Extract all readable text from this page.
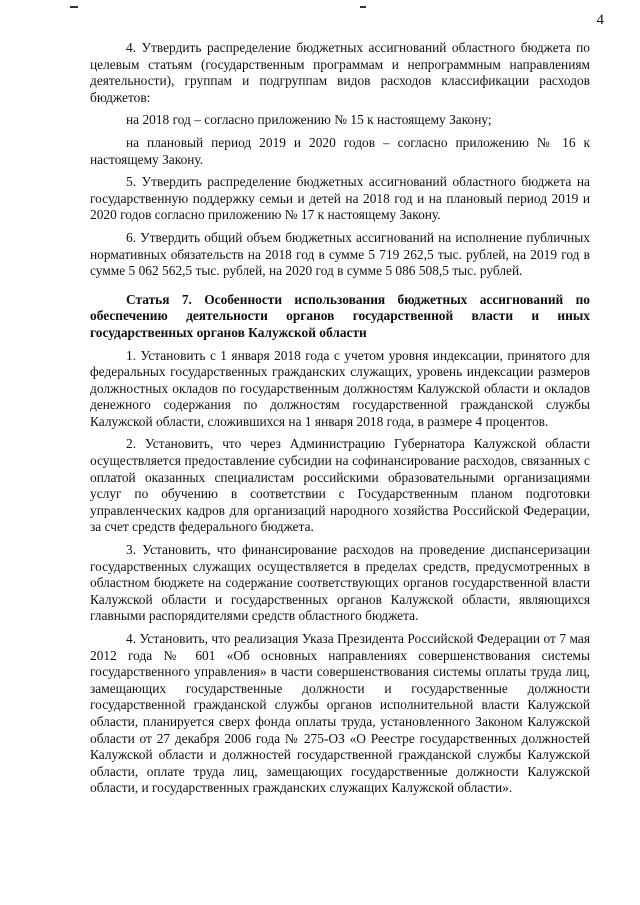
4

4. Утвердить распределение бюджетных ассигнований областного бюджета по целевым статьям (государственным программам и непрограммным направлениям деятельности), группам и подгруппам видов расходов классификации расходов бюджетов:

на 2018 год – согласно приложению № 15 к настоящему Закону;

на плановый период 2019 и 2020 годов – согласно приложению № 16 к настоящему Закону.

5. Утвердить распределение бюджетных ассигнований областного бюджета на государственную поддержку семьи и детей на 2018 год и на плановый период 2019 и 2020 годов согласно приложению № 17 к настоящему Закону.

6. Утвердить общий объем бюджетных ассигнований на исполнение публичных нормативных обязательств на 2018 год в сумме 5 719 262,5 тыс. рублей, на 2019 год в сумме 5 062 562,5 тыс. рублей, на 2020 год в сумме 5 086 508,5 тыс. рублей.

Статья 7. Особенности использования бюджетных ассигнований по обеспечению деятельности органов государственной власти и иных государственных органов Калужской области

1. Установить с 1 января 2018 года с учетом уровня индексации, принятого для федеральных государственных гражданских служащих, уровень индексации размеров должностных окладов по государственным должностям Калужской области и окладов денежного содержания по должностям государственной гражданской службы Калужской области, сложившихся на 1 января 2018 года, в размере 4 процентов.

2. Установить, что через Администрацию Губернатора Калужской области осуществляется предоставление субсидии на софинансирование расходов, связанных с оплатой оказанных специалистам российскими образовательными организациями услуг по обучению в соответствии с Государственным планом подготовки управленческих кадров для организаций народного хозяйства Российской Федерации, за счет средств федерального бюджета.

3. Установить, что финансирование расходов на проведение диспансеризации государственных служащих осуществляется в пределах средств, предусмотренных в областном бюджете на содержание соответствующих органов государственной власти Калужской области и государственных органов Калужской области, являющихся главными распорядителями средств областного бюджета.

4. Установить, что реализация Указа Президента Российской Федерации от 7 мая 2012 года № 601 «Об основных направлениях совершенствования системы государственного управления» в части совершенствования системы оплаты труда лиц, замещающих государственные должности и государственные должности государственной гражданской службы органов исполнительной власти Калужской области, планируется сверх фонда оплаты труда, установленного Законом Калужской области от 27 декабря 2006 года № 275-ОЗ «О Реестре государственных должностей Калужской области и должностей государственной гражданской службы Калужской области, оплате труда лиц, замещающих государственные должности Калужской области, и государственных гражданских служащих Калужской области».
